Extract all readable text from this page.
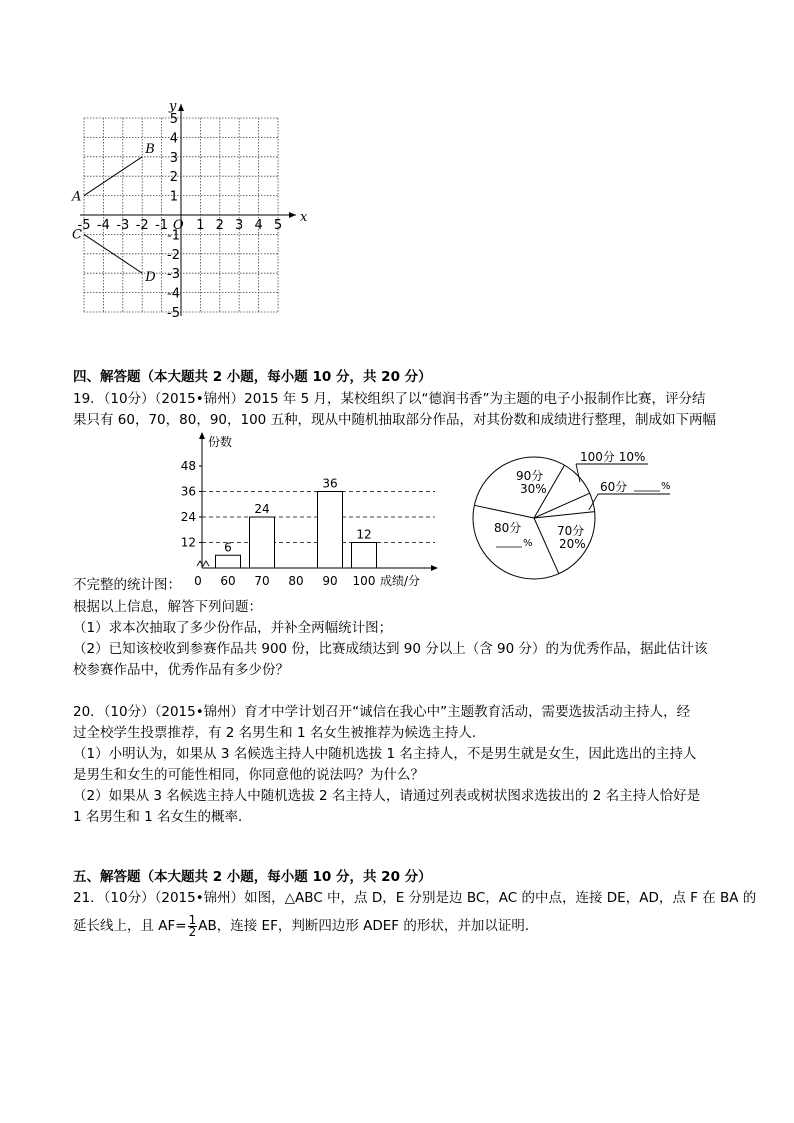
-5 -4 -3 -2 -1 1 2 3 4 5
5
4
3
2
1
-1
-2
-3
-4
-5
A
B
C
D
x
y
O
四、解答题（本大题共 2 小题，每小题 10 分，共 20 分）
19．（10分）（2015•锦州）2015 年 5 月，某校组织了以“德润书香”为主题的电子小报制作比赛，评分结
果只有 60，70，80，90，100 五种，现从中随机抽取部分作品，对其份数和成绩进行整理，制成如下两幅
份数
12
24
36
48
0 60
6
70
24
80 90
36
100
12
成绩/分
100分 10%
60分	%
90分
30%
70分
20%
80分
%
不完整的统计图：
根据以上信息，解答下列问题：
（1）求本次抽取了多少份作品，并补全两幅统计图；
（2）已知该校收到参赛作品共 900 份，比赛成绩达到 90 分以上（含 90 分）的为优秀作品，据此估计该
校参赛作品中，优秀作品有多少份？
20．（10分）（2015•锦州）育才中学计划召开“诚信在我心中”主题教育活动，需要选拔活动主持人，经
过全校学生投票推荐，有 2 名男生和 1 名女生被推荐为候选主持人．
（1）小明认为，如果从 3 名候选主持人中随机选拔 1 名主持人，不是男生就是女生，因此选出的主持人
是男生和女生的可能性相同，你同意他的说法吗？为什么？
（2）如果从 3 名候选主持人中随机选拔 2 名主持人，请通过列表或树状图求选拔出的 2 名主持人恰好是
1 名男生和 1 名女生的概率．
五、解答题（本大题共 2 小题，每小题 10 分，共 20 分）
21．（10分）（2015•锦州）如图，△ABC 中，点 D，E 分别是边 BC，AC 的中点，连接 DE，AD，点 F 在 BA 的
延长线上，且 $AF= \frac{1}{2}$ AB，连接 EF，判断四边形 ADEF 的形状，并加以证明．
